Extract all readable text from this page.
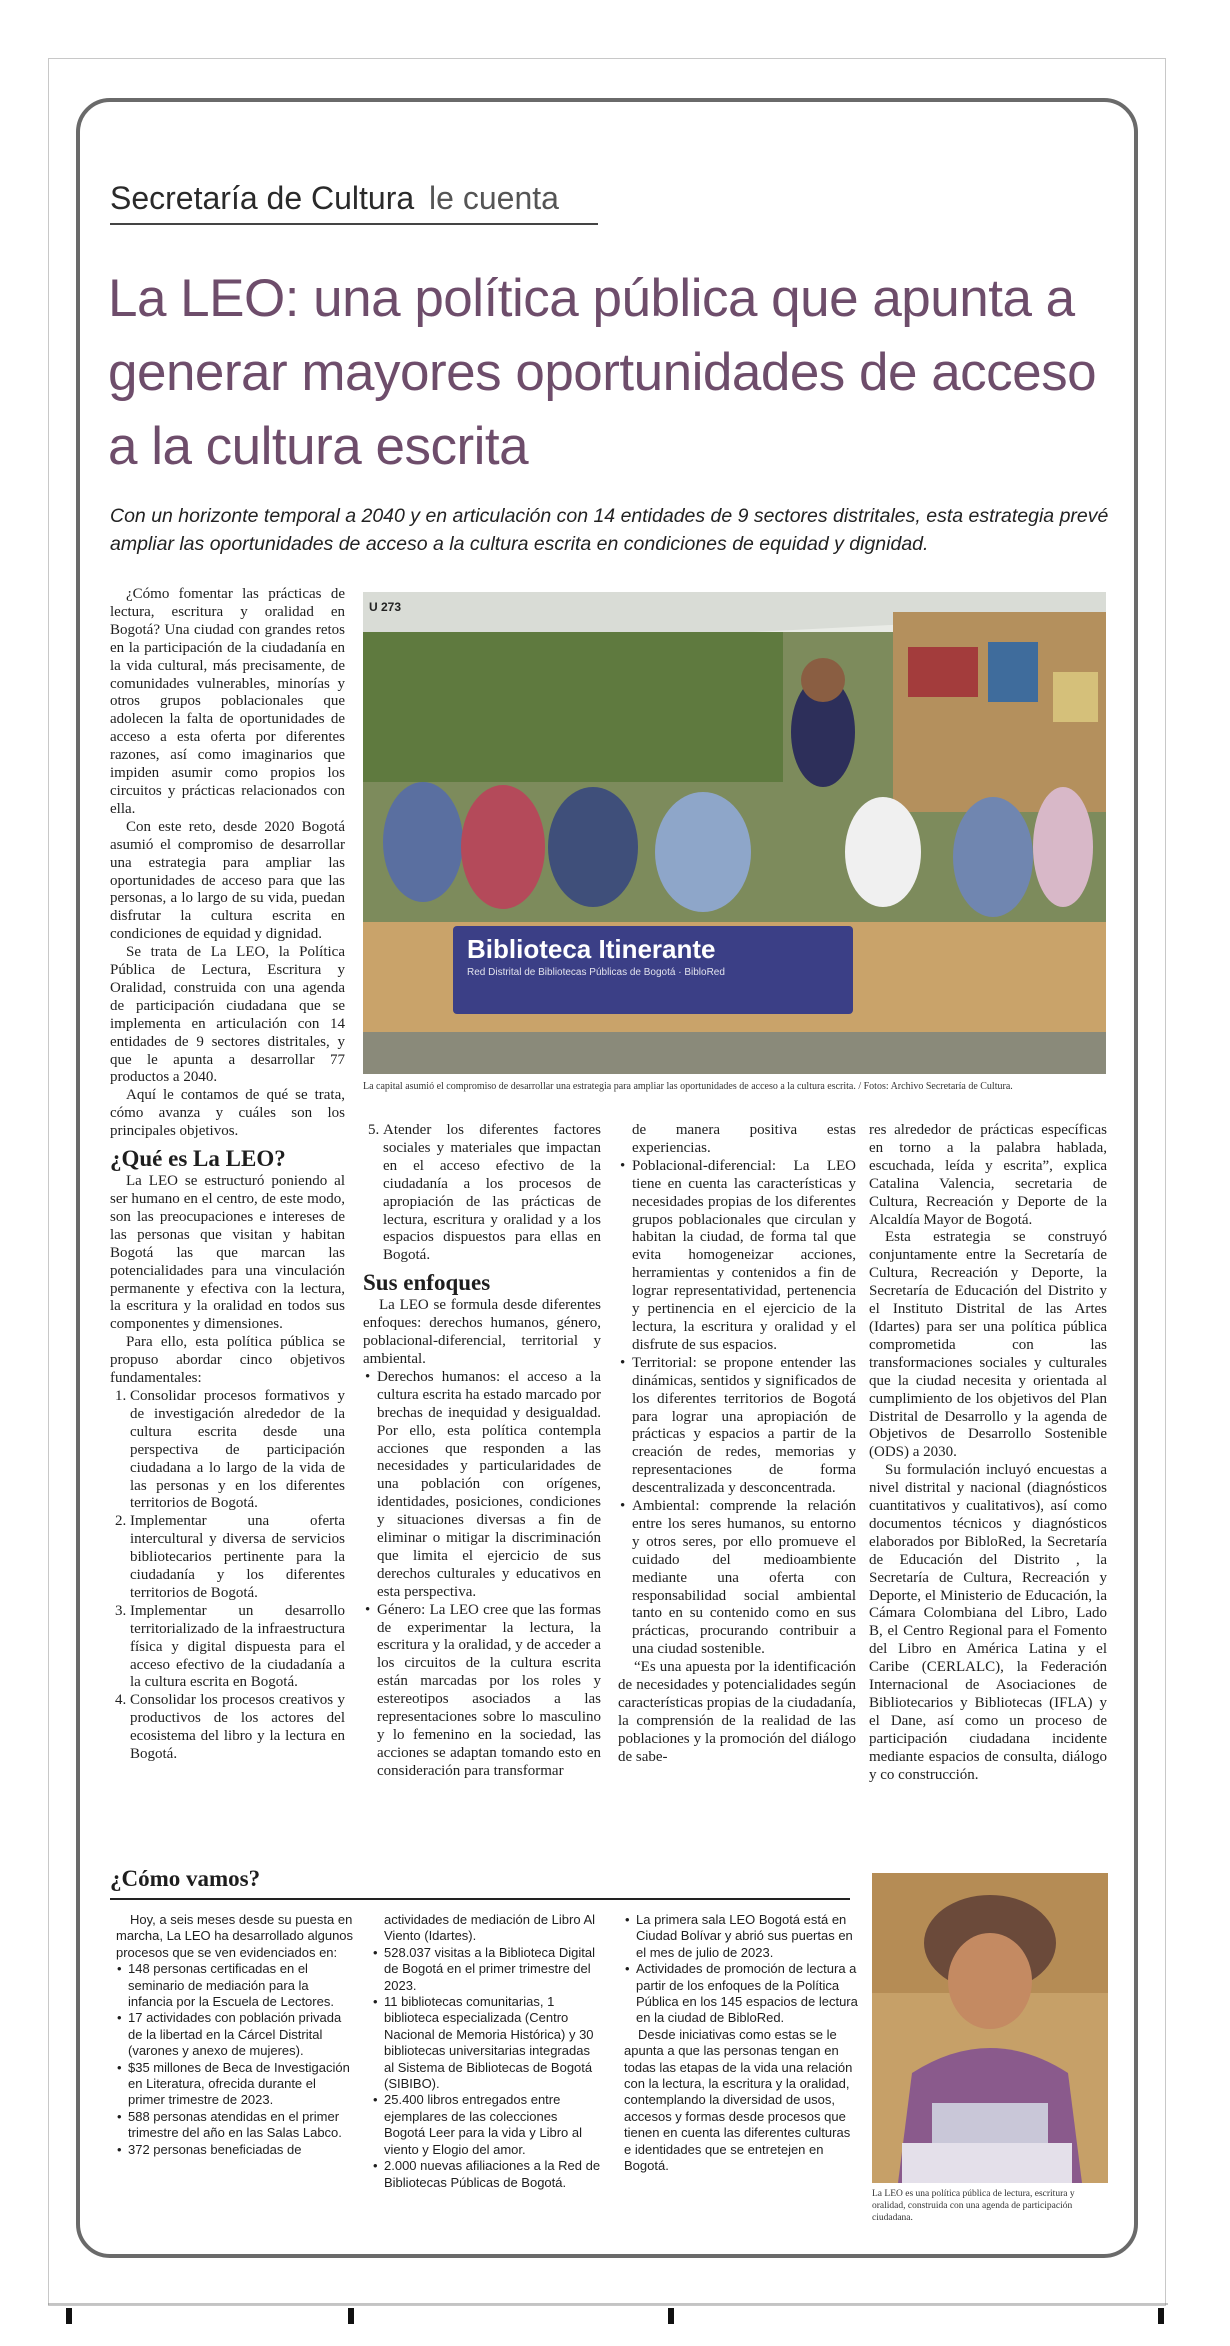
Secretaría de Cultura le cuenta
La LEO: una política pública que apunta a generar mayores oportunidades de acceso a la cultura escrita

Con un horizonte temporal a 2040 y en articulación con 14 entidades de 9 sectores distritales, esta estrategia prevé ampliar las oportunidades de acceso a la cultura escrita en condiciones de equidad y dignidad.

¿Cómo fomentar las prácticas de lectura, escritura y oralidad en Bogotá? Una ciudad con grandes retos en la participación de la ciudadanía en la vida cultural, más precisamente, de comunidades vulnerables, minorías y otros grupos poblacionales que adolecen la falta de oportunidades de acceso a esta oferta por diferentes razones, así como imaginarios que impiden asumir como propios los circuitos y prácticas relacionados con ella.

Con este reto, desde 2020 Bogotá asumió el compromiso de desarrollar una estrategia para ampliar las oportunidades de acceso para que las personas, a lo largo de su vida, puedan disfrutar la cultura escrita en condiciones de equidad y dignidad.

Se trata de La LEO, la Política Pública de Lectura, Escritura y Oralidad, construida con una agenda de participación ciudadana que se implementa en articulación con 14 entidades de 9 sectores distritales, y que le apunta a desarrollar 77 productos a 2040.

Aquí le contamos de qué se trata, cómo avanza y cuáles son los principales objetivos.

¿Qué es La LEO?

La LEO se estructuró poniendo al ser humano en el centro, de este modo, son las preocupaciones e intereses de las personas que visitan y habitan Bogotá las que marcan las potencialidades para una vinculación permanente y efectiva con la lectura, la escritura y la oralidad en todos sus componentes y dimensiones.

Para ello, esta política pública se propuso abordar cinco objetivos fundamentales:

1. Consolidar procesos formativos y de investigación alrededor de la cultura escrita desde una perspectiva de participación ciudadana a lo largo de la vida de las personas y en los diferentes territorios de Bogotá.
2. Implementar una oferta intercultural y diversa de servicios bibliotecarios pertinente para la ciudadanía y los diferentes territorios de Bogotá.
3. Implementar un desarrollo territorializado de la infraestructura física y digital dispuesta para el acceso efectivo de la ciudadanía a la cultura escrita en Bogotá.
4. Consolidar los procesos creativos y productivos de los actores del ecosistema del libro y la lectura en Bogotá.
Biblioteca Itinerante
Red Distrital de Bibliotecas Públicas de Bogotá · BibloRed
U 273
La capital asumió el compromiso de desarrollar una estrategia para ampliar las oportunidades de acceso a la cultura escrita. / Fotos: Archivo Secretaría de Cultura.
5. Atender los diferentes factores sociales y materiales que impactan en el acceso efectivo de la ciudadanía a los procesos de apropiación de las prácticas de lectura, escritura y oralidad y a los espacios dispuestos para ellas en Bogotá.
Sus enfoques

La LEO se formula desde diferentes enfoques: derechos humanos, género, poblacional-diferencial, territorial y ambiental.

• Derechos humanos: el acceso a la cultura escrita ha estado marcado por brechas de inequidad y desigualdad. Por ello, esta política contempla acciones que responden a las necesidades y particularidades de una población con orígenes, identidades, posiciones, condiciones y situaciones diversas a fin de eliminar o mitigar la discriminación que limita el ejercicio de sus derechos culturales y educativos en esta perspectiva.
• Género: La LEO cree que las formas de experimentar la lectura, la escritura y la oralidad, y de acceder a los circuitos de la cultura escrita están marcadas por los roles y estereotipos asociados a las representaciones sobre lo masculino y lo femenino en la sociedad, las acciones se adaptan tomando esto en consideración para transformar

de manera positiva estas experiencias.

• Poblacional-diferencial: La LEO tiene en cuenta las características y necesidades propias de los diferentes grupos poblacionales que circulan y habitan la ciudad, de forma tal que evita homogeneizar acciones, herramientas y contenidos a fin de lograr representatividad, pertenencia y pertinencia en el ejercicio de la lectura, la escritura y oralidad y el disfrute de sus espacios.
• Territorial: se propone entender las dinámicas, sentidos y significados de los diferentes territorios de Bogotá para lograr una apropiación de prácticas y espacios a partir de la creación de redes, memorias y representaciones de forma descentralizada y desconcentrada.
• Ambiental: comprende la relación entre los seres humanos, su entorno y otros seres, por ello promueve el cuidado del medioambiente mediante una oferta con responsabilidad social ambiental tanto en su contenido como en sus prácticas, procurando contribuir a una ciudad sostenible.

“Es una apuesta por la identificación de necesidades y potencialidades según características propias de la ciudadanía, la comprensión de la realidad de las poblaciones y la promoción del diálogo de sabe-

res alrededor de prácticas específicas en torno a la palabra hablada, escuchada, leída y escrita”, explica Catalina Valencia, secretaria de Cultura, Recreación y Deporte de la Alcaldía Mayor de Bogotá.

Esta estrategia se construyó conjuntamente entre la Secretaría de Cultura, Recreación y Deporte, la Secretaría de Educación del Distrito y el Instituto Distrital de las Artes (Idartes) para ser una política pública comprometida con las transformaciones sociales y culturales que la ciudad necesita y orientada al cumplimiento de los objetivos del Plan Distrital de Desarrollo y la agenda de Objetivos de Desarrollo Sostenible (ODS) a 2030.

Su formulación incluyó encuestas a nivel distrital y nacional (diagnósticos cuantitativos y cualitativos), así como documentos técnicos y diagnósticos elaborados por BibloRed, la Secretaría de Educación del Distrito , la Secretaría de Cultura, Recreación y Deporte, el Ministerio de Educación, la Cámara Colombiana del Libro, Lado B, el Centro Regional para el Fomento del Libro en América Latina y el Caribe (CERLALC), la Federación Internacional de Asociaciones de Bibliotecarios y Bibliotecas (IFLA) y el Dane, así como un proceso de participación ciudadana incidente mediante espacios de consulta, diálogo y co construcción.

¿Cómo vamos?

Hoy, a seis meses desde su puesta en marcha, La LEO ha desarrollado algunos procesos que se ven evidenciados en:

• 148 personas certificadas en el seminario de mediación para la infancia por la Escuela de Lectores.
• 17 actividades con población privada de la libertad en la Cárcel Distrital (varones y anexo de mujeres).
• $35 millones de Beca de Investigación en Literatura, ofrecida durante el primer trimestre de 2023.
• 588 personas atendidas en el primer trimestre del año en las Salas Labco.
• 372 personas beneficiadas de

actividades de mediación de Libro Al Viento (Idartes).

• 528.037 visitas a la Biblioteca Digital de Bogotá en el primer trimestre del 2023.
• 11 bibliotecas comunitarias, 1 biblioteca especializada (Centro Nacional de Memoria Histórica) y 30 bibliotecas universitarias integradas al Sistema de Bibliotecas de Bogotá (SIBIBO).
• 25.400 libros entregados entre ejemplares de las colecciones Bogotá Leer para la vida y Libro al viento y Elogio del amor.
• 2.000 nuevas afiliaciones a la Red de Bibliotecas Públicas de Bogotá.
• La primera sala LEO Bogotá está en Ciudad Bolívar y abrió sus puertas en el mes de julio de 2023.
• Actividades de promoción de lectura a partir de los enfoques de la Política Pública en los 145 espacios de lectura en la ciudad de BibloRed.

Desde iniciativas como estas se le apunta a que las personas tengan en todas las etapas de la vida una relación con la lectura, la escritura y la oralidad, contemplando la diversidad de usos, accesos y formas desde procesos que tienen en cuenta las diferentes culturas e identidades que se entretejen en Bogotá.

La LEO es una política pública de lectura, escritura y oralidad, construida con una agenda de participación ciudadana.
